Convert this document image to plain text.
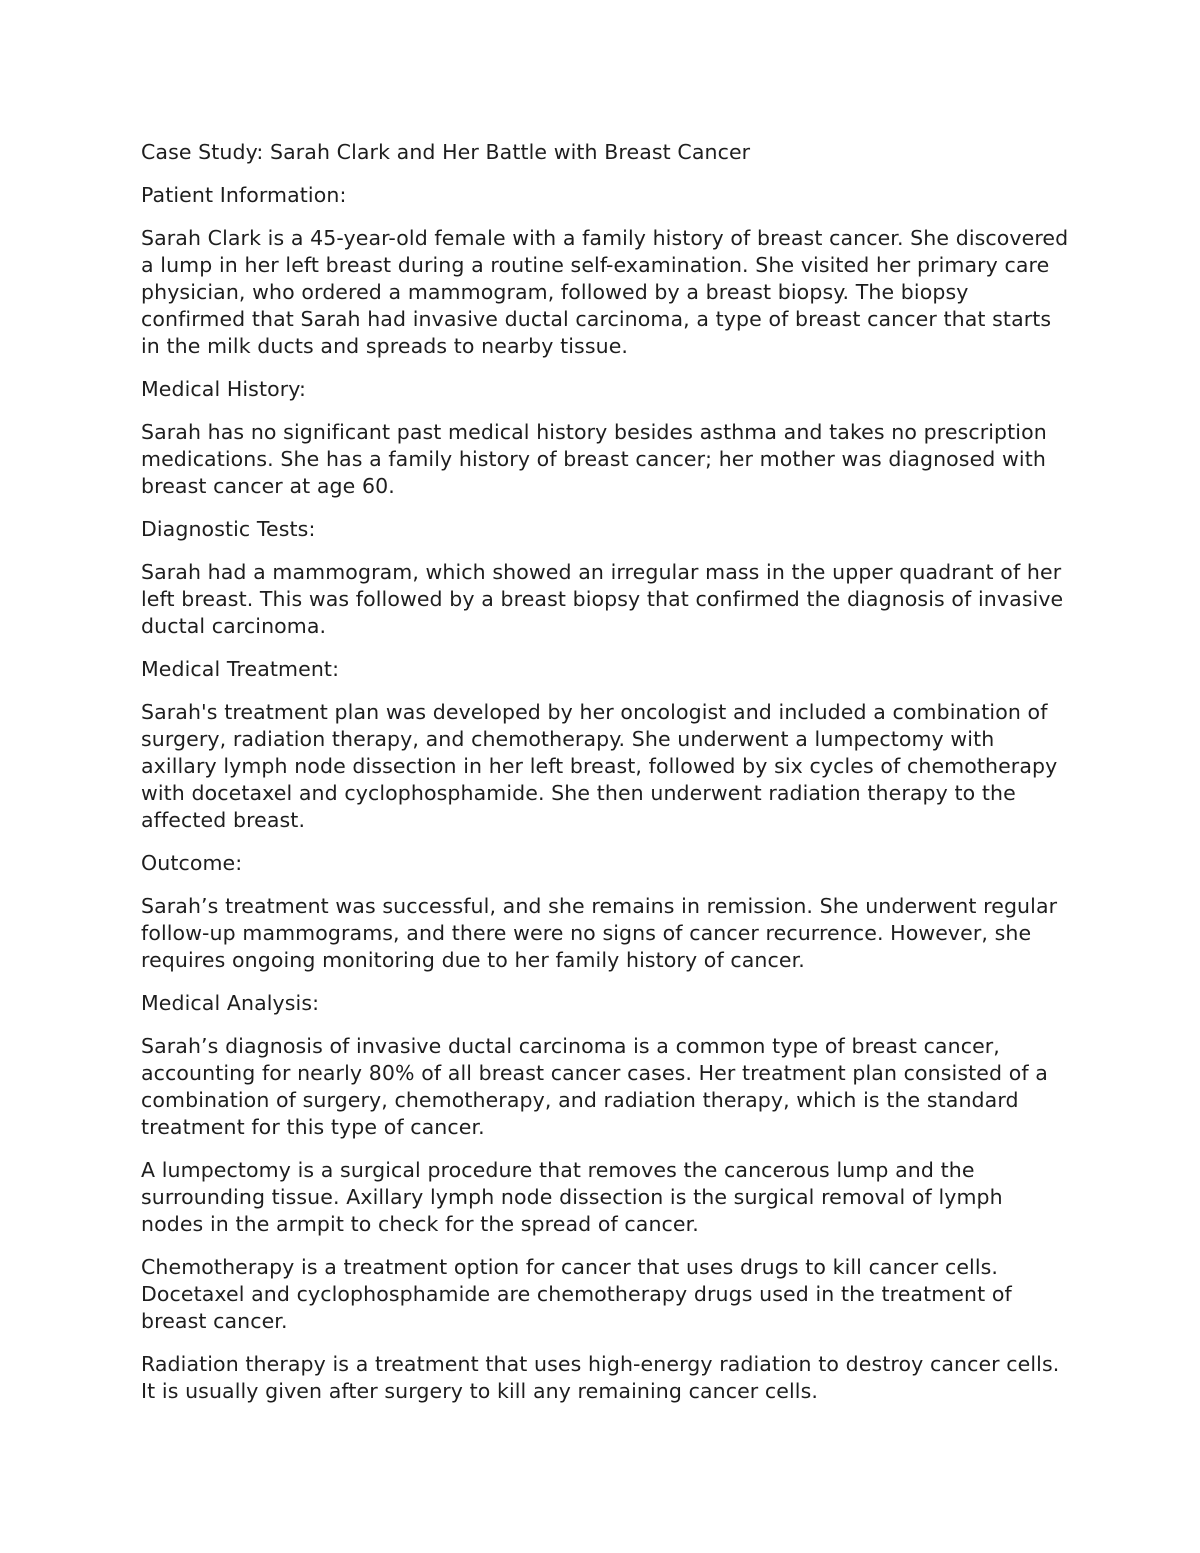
Case Study: Sarah Clark and Her Battle with Breast Cancer

Patient Information:

Sarah Clark is a 45-year-old female with a family history of breast cancer. She discovered a lump in her left breast during a routine self-examination. She visited her primary care physician, who ordered a mammogram, followed by a breast biopsy. The biopsy confirmed that Sarah had invasive ductal carcinoma, a type of breast cancer that starts in the milk ducts and spreads to nearby tissue.

Medical History:

Sarah has no significant past medical history besides asthma and takes no prescription medications. She has a family history of breast cancer; her mother was diagnosed with breast cancer at age 60.

Diagnostic Tests:

Sarah had a mammogram, which showed an irregular mass in the upper quadrant of her left breast. This was followed by a breast biopsy that confirmed the diagnosis of invasive ductal carcinoma.

Medical Treatment:

Sarah's treatment plan was developed by her oncologist and included a combination of surgery, radiation therapy, and chemotherapy. She underwent a lumpectomy with axillary lymph node dissection in her left breast, followed by six cycles of chemotherapy with docetaxel and cyclophosphamide. She then underwent radiation therapy to the affected breast.

Outcome:

Sarah’s treatment was successful, and she remains in remission. She underwent regular follow-up mammograms, and there were no signs of cancer recurrence. However, she requires ongoing monitoring due to her family history of cancer.

Medical Analysis:

Sarah’s diagnosis of invasive ductal carcinoma is a common type of breast cancer, accounting for nearly 80% of all breast cancer cases. Her treatment plan consisted of a combination of surgery, chemotherapy, and radiation therapy, which is the standard treatment for this type of cancer.

A lumpectomy is a surgical procedure that removes the cancerous lump and the surrounding tissue. Axillary lymph node dissection is the surgical removal of lymph nodes in the armpit to check for the spread of cancer.

Chemotherapy is a treatment option for cancer that uses drugs to kill cancer cells. Docetaxel and cyclophosphamide are chemotherapy drugs used in the treatment of breast cancer.

Radiation therapy is a treatment that uses high-energy radiation to destroy cancer cells. It is usually given after surgery to kill any remaining cancer cells.
